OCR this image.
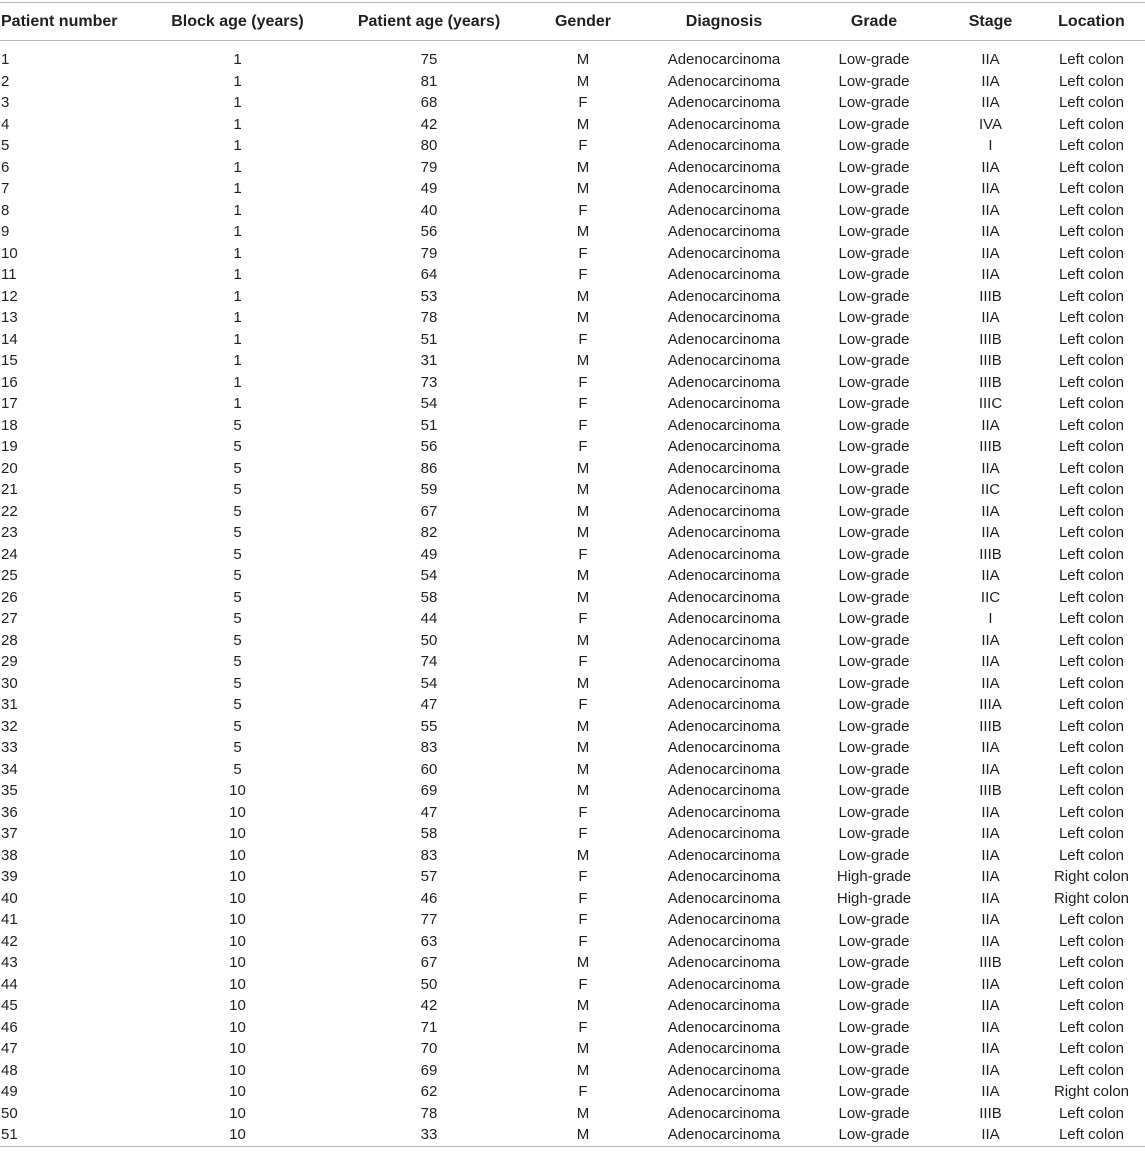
Patient number	Block age (years)	Patient age (years)	Gender	Diagnosis	Grade	Stage	Location

1	1	75	M	Adenocarcinoma	Low-grade	IIA	Left colon
2	1	81	M	Adenocarcinoma	Low-grade	IIA	Left colon
3	1	68	F	Adenocarcinoma	Low-grade	IIA	Left colon
4	1	42	M	Adenocarcinoma	Low-grade	IVA	Left colon
5	1	80	F	Adenocarcinoma	Low-grade	I	Left colon
6	1	79	M	Adenocarcinoma	Low-grade	IIA	Left colon
7	1	49	M	Adenocarcinoma	Low-grade	IIA	Left colon
8	1	40	F	Adenocarcinoma	Low-grade	IIA	Left colon
9	1	56	M	Adenocarcinoma	Low-grade	IIA	Left colon
10	1	79	F	Adenocarcinoma	Low-grade	IIA	Left colon
11	1	64	F	Adenocarcinoma	Low-grade	IIA	Left colon
12	1	53	M	Adenocarcinoma	Low-grade	IIIB	Left colon
13	1	78	M	Adenocarcinoma	Low-grade	IIA	Left colon
14	1	51	F	Adenocarcinoma	Low-grade	IIIB	Left colon
15	1	31	M	Adenocarcinoma	Low-grade	IIIB	Left colon
16	1	73	F	Adenocarcinoma	Low-grade	IIIB	Left colon
17	1	54	F	Adenocarcinoma	Low-grade	IIIC	Left colon
18	5	51	F	Adenocarcinoma	Low-grade	IIA	Left colon
19	5	56	F	Adenocarcinoma	Low-grade	IIIB	Left colon
20	5	86	M	Adenocarcinoma	Low-grade	IIA	Left colon
21	5	59	M	Adenocarcinoma	Low-grade	IIC	Left colon
22	5	67	M	Adenocarcinoma	Low-grade	IIA	Left colon
23	5	82	M	Adenocarcinoma	Low-grade	IIA	Left colon
24	5	49	F	Adenocarcinoma	Low-grade	IIIB	Left colon
25	5	54	M	Adenocarcinoma	Low-grade	IIA	Left colon
26	5	58	M	Adenocarcinoma	Low-grade	IIC	Left colon
27	5	44	F	Adenocarcinoma	Low-grade	I	Left colon
28	5	50	M	Adenocarcinoma	Low-grade	IIA	Left colon
29	5	74	F	Adenocarcinoma	Low-grade	IIA	Left colon
30	5	54	M	Adenocarcinoma	Low-grade	IIA	Left colon
31	5	47	F	Adenocarcinoma	Low-grade	IIIA	Left colon
32	5	55	M	Adenocarcinoma	Low-grade	IIIB	Left colon
33	5	83	M	Adenocarcinoma	Low-grade	IIA	Left colon
34	5	60	M	Adenocarcinoma	Low-grade	IIA	Left colon
35	10	69	M	Adenocarcinoma	Low-grade	IIIB	Left colon
36	10	47	F	Adenocarcinoma	Low-grade	IIA	Left colon
37	10	58	F	Adenocarcinoma	Low-grade	IIA	Left colon
38	10	83	M	Adenocarcinoma	Low-grade	IIA	Left colon
39	10	57	F	Adenocarcinoma	High-grade	IIA	Right colon
40	10	46	F	Adenocarcinoma	High-grade	IIA	Right colon
41	10	77	F	Adenocarcinoma	Low-grade	IIA	Left colon
42	10	63	F	Adenocarcinoma	Low-grade	IIA	Left colon
43	10	67	M	Adenocarcinoma	Low-grade	IIIB	Left colon
44	10	50	F	Adenocarcinoma	Low-grade	IIA	Left colon
45	10	42	M	Adenocarcinoma	Low-grade	IIA	Left colon
46	10	71	F	Adenocarcinoma	Low-grade	IIA	Left colon
47	10	70	M	Adenocarcinoma	Low-grade	IIA	Left colon
48	10	69	M	Adenocarcinoma	Low-grade	IIA	Left colon
49	10	62	F	Adenocarcinoma	Low-grade	IIA	Right colon
50	10	78	M	Adenocarcinoma	Low-grade	IIIB	Left colon
51	10	33	M	Adenocarcinoma	Low-grade	IIA	Left colon
